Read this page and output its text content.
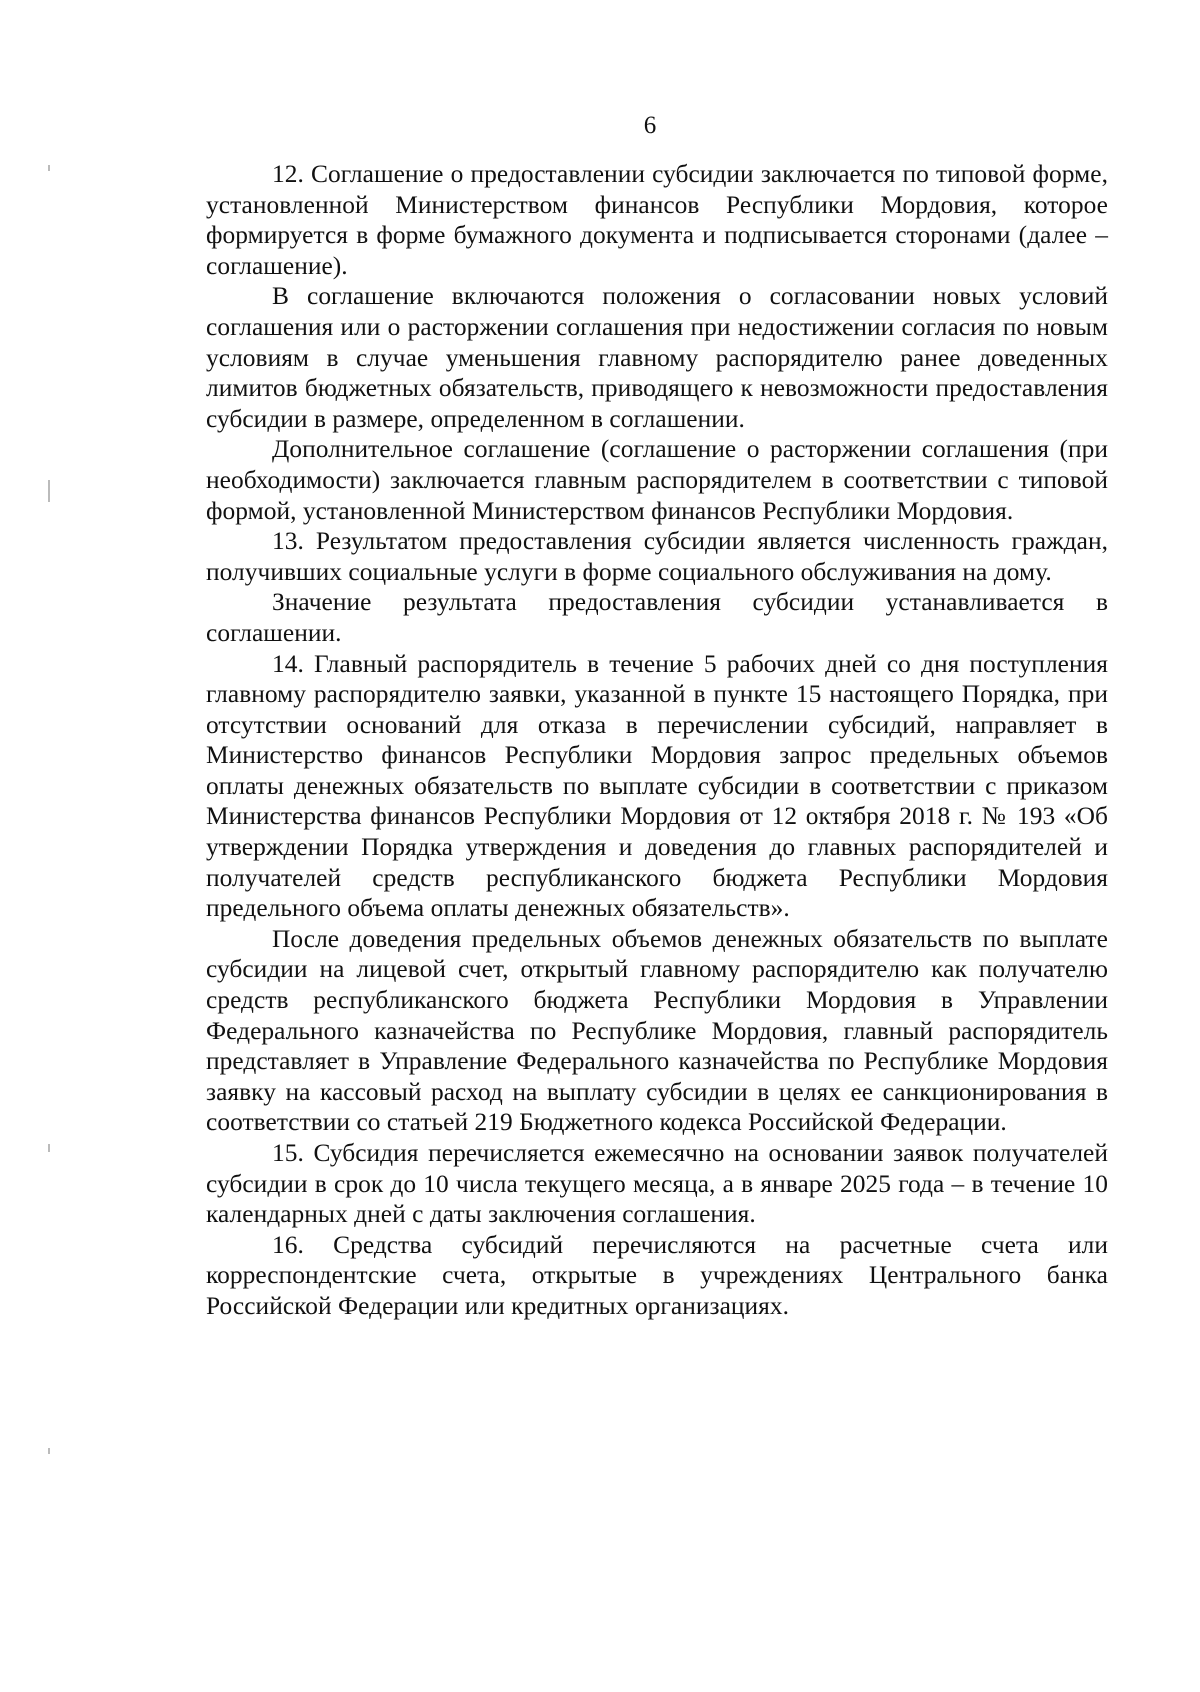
6

12. Соглашение о предоставлении субсидии заключается по типовой форме, установленной Министерством финансов Республики Мордовия, которое формируется в форме бумажного документа и подписывается сторонами (далее – соглашение).

В соглашение включаются положения о согласовании новых условий соглашения или о расторжении соглашения при недостижении согласия по новым условиям в случае уменьшения главному распорядителю ранее доведенных лимитов бюджетных обязательств, приводящего к невозможности предоставления субсидии в размере, определенном в соглашении.

Дополнительное соглашение (соглашение о расторжении соглашения (при необходимости) заключается главным распорядителем в соответствии с типовой формой, установленной Министерством финансов Республики Мордовия.

13. Результатом предоставления субсидии является численность граждан, получивших социальные услуги в форме социального обслуживания на дому.

Значение результата предоставления субсидии устанавливается в соглашении.

14. Главный распорядитель в течение 5 рабочих дней со дня поступления главному распорядителю заявки, указанной в пункте 15 настоящего Порядка, при отсутствии оснований для отказа в перечислении субсидий, направляет в Министерство финансов Республики Мордовия запрос предельных объемов оплаты денежных обязательств по выплате субсидии в соответствии с приказом Министерства финансов Республики Мордовия от 12 октября 2018 г. № 193 «Об утверждении Порядка утверждения и доведения до главных распорядителей и получателей средств республиканского бюджета Республики Мордовия предельного объема оплаты денежных обязательств».

После доведения предельных объемов денежных обязательств по выплате субсидии на лицевой счет, открытый главному распорядителю как получателю средств республиканского бюджета Республики Мордовия в Управлении Федерального казначейства по Республике Мордовия, главный распорядитель представляет в Управление Федерального казначейства по Республике Мордовия заявку на кассовый расход на выплату субсидии в целях ее санкционирования в соответствии со статьей 219 Бюджетного кодекса Российской Федерации.

15. Субсидия перечисляется ежемесячно на основании заявок получателей субсидии в срок до 10 числа текущего месяца, а в январе 2025 года – в течение 10 календарных дней с даты заключения соглашения.

16. Средства субсидий перечисляются на расчетные счета или корреспондентские счета, открытые в учреждениях Центрального банка Российской Федерации или кредитных организациях.
